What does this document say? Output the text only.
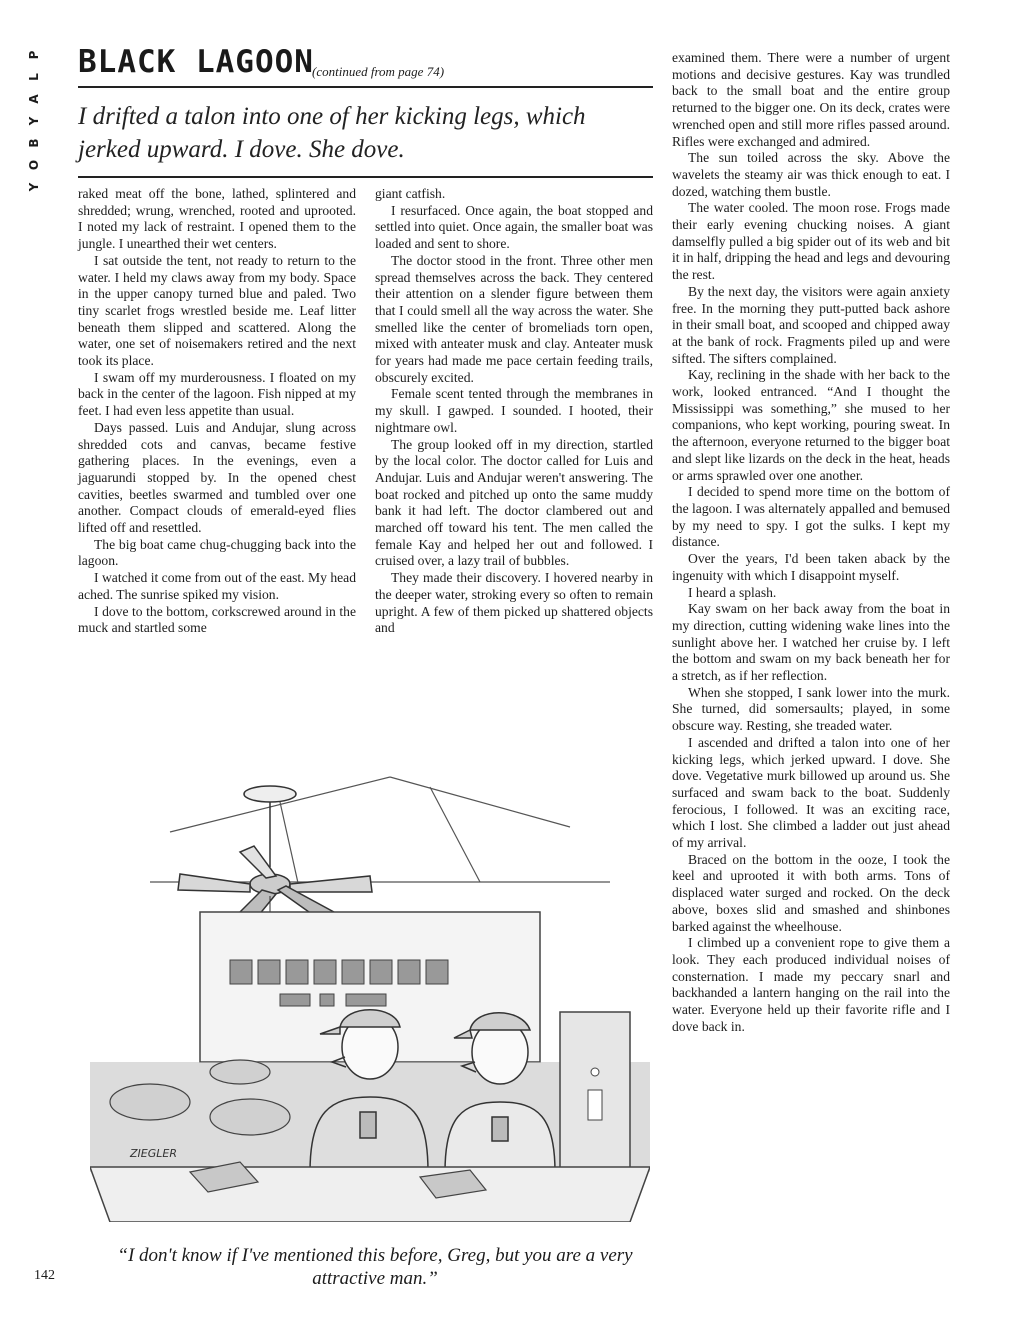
P
L
A
Y
B
O
Y
BLACK LAGOON
(continued from page 74)
I drifted a talon into one of her kicking legs, which jerked upward. I dove. She dove.

raked meat off the bone, lathed, splintered and shredded; wrung, wrenched, rooted and uprooted. I noted my lack of restraint. I opened them to the jungle. I unearthed their wet centers.

I sat outside the tent, not ready to return to the water. I held my claws away from my body. Space in the upper canopy turned blue and paled. Two tiny scarlet frogs wrestled beside me. Leaf litter beneath them slipped and scattered. Along the water, one set of noisemakers retired and the next took its place.

I swam off my murderousness. I floated on my back in the center of the lagoon. Fish nipped at my feet. I had even less appetite than usual.

Days passed. Luis and Andujar, slung across shredded cots and canvas, became festive gathering places. In the evenings, even a jaguarundi stopped by. In the opened chest cavities, beetles swarmed and tumbled over one another. Compact clouds of emerald-eyed flies lifted off and resettled.

The big boat came chug-chugging back into the lagoon.

I watched it come from out of the east. My head ached. The sunrise spiked my vision.

I dove to the bottom, corkscrewed around in the muck and startled some

giant catfish.

I resurfaced. Once again, the boat stopped and settled into quiet. Once again, the smaller boat was loaded and sent to shore.

The doctor stood in the front. Three other men spread themselves across the back. They centered their attention on a slender figure between them that I could smell all the way across the water. She smelled like the center of bromeliads torn open, mixed with anteater musk and clay. Anteater musk for years had made me pace certain feeding trails, obscurely excited.

Female scent tented through the membranes in my skull. I gawped. I sounded. I hooted, their nightmare owl.

The group looked off in my direction, startled by the local color. The doctor called for Luis and Andujar. Luis and Andujar weren't answering. The boat rocked and pitched up onto the same muddy bank it had left. The doctor clambered out and marched off toward his tent. The men called the female Kay and helped her out and followed. I cruised over, a lazy trail of bubbles.

They made their discovery. I hovered nearby in the deeper water, stroking every so often to remain upright. A few of them picked up shattered objects and

examined them. There were a number of urgent motions and decisive gestures. Kay was trundled back to the small boat and the entire group returned to the bigger one. On its deck, crates were wrenched open and still more rifles passed around. Rifles were exchanged and admired.

The sun toiled across the sky. Above the wavelets the steamy air was thick enough to eat. I dozed, watching them bustle.

The water cooled. The moon rose. Frogs made their early evening chucking noises. A giant damselfly pulled a big spider out of its web and bit it in half, dripping the head and legs and devouring the rest.

By the next day, the visitors were again anxiety free. In the morning they putt-putted back ashore in their small boat, and scooped and chipped away at the bank of rock. Fragments piled up and were sifted. The sifters complained.

Kay, reclining in the shade with her back to the work, looked entranced. “And I thought the Mississippi was something,” she mused to her companions, who kept working, pouring sweat. In the afternoon, everyone returned to the bigger boat and slept like lizards on the deck in the heat, heads or arms sprawled over one another.

I decided to spend more time on the bottom of the lagoon. I was alternately appalled and bemused by my need to spy. I got the sulks. I kept my distance.

Over the years, I'd been taken aback by the ingenuity with which I disappoint myself.

I heard a splash.

Kay swam on her back away from the boat in my direction, cutting widening wake lines into the sunlight above her. I watched her cruise by. I left the bottom and swam on my back beneath her for a stretch, as if her reflection.

When she stopped, I sank lower into the murk. She turned, did somersaults; played, in some obscure way. Resting, she treaded water.

I ascended and drifted a talon into one of her kicking legs, which jerked upward. I dove. She dove. Vegetative murk billowed up around us. She surfaced and swam back to the boat. Suddenly ferocious, I followed. It was an exciting race, which I lost. She climbed a ladder out just ahead of my arrival.

Braced on the bottom in the ooze, I took the keel and uprooted it with both arms. Tons of displaced water surged and rocked. On the deck above, boxes slid and smashed and shinbones barked against the wheelhouse.

I climbed up a convenient rope to give them a look. They each produced individual noises of consternation. I made my peccary snarl and backhanded a lantern hanging on the rail into the water. Everyone held up their favorite rifle and I dove back in.

ZIEGLER
“I don't know if I've mentioned this before, Greg, but you are a very attractive man.”
142
